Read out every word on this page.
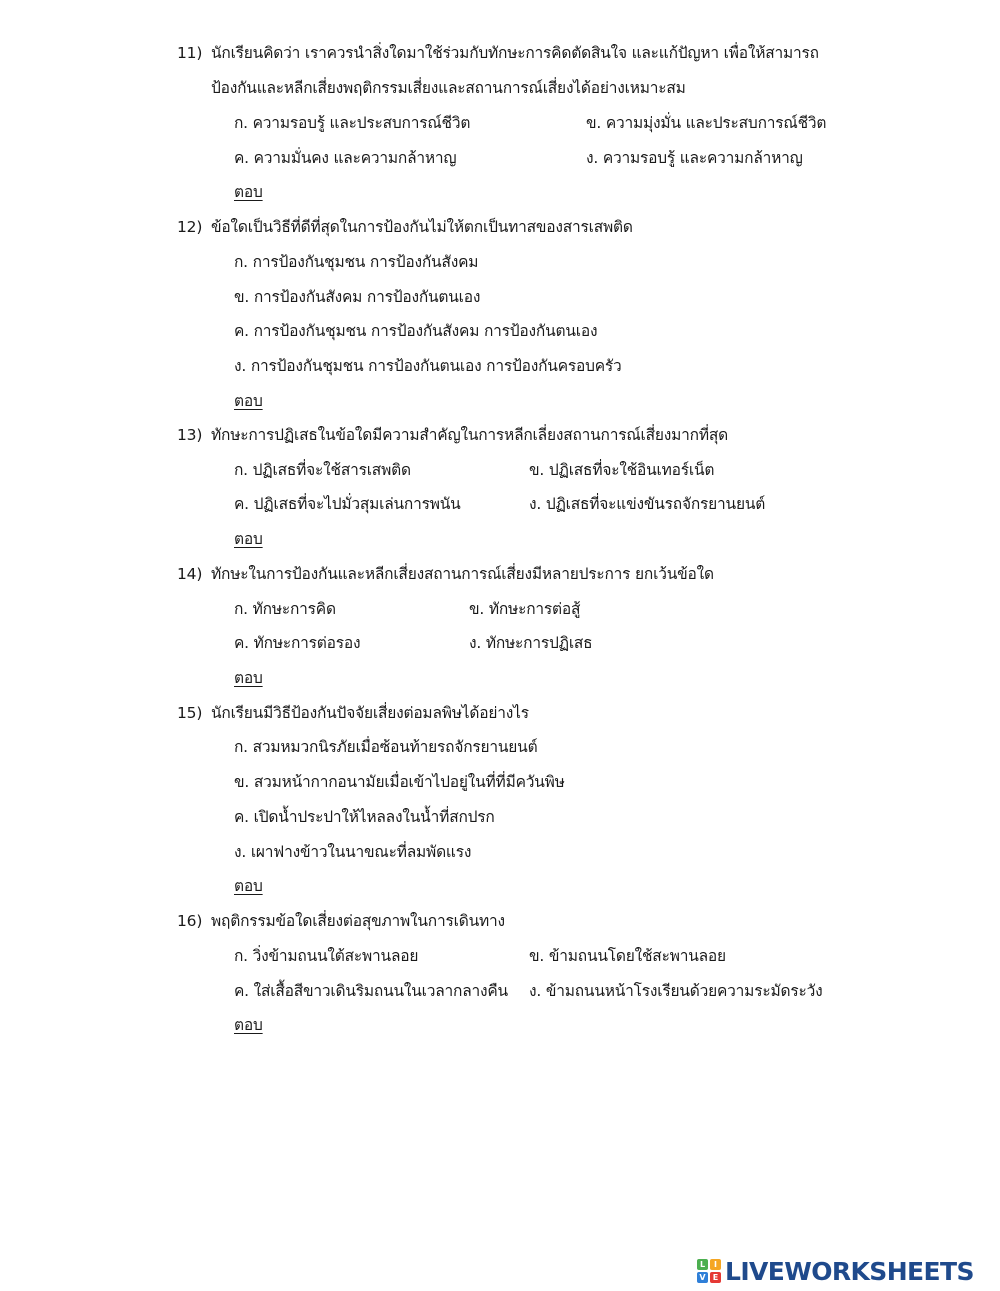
11) นักเรียนคิดว่า เราควรนำสิ่งใดมาใช้ร่วมกับทักษะการคิดตัดสินใจ และแก้ปัญหา เพื่อให้สามารถ
ป้องกันและหลีกเสี่ยงพฤติกรรมเสี่ยงและสถานการณ์เสี่ยงได้อย่างเหมาะสม
ก. ความรอบรู้ และประสบการณ์ชีวิต	ข. ความมุ่งมั่น และประสบการณ์ชีวิต
ค. ความมั่นคง และความกล้าหาญ	ง. ความรอบรู้ และความกล้าหาญ
ตอบ
12) ข้อใดเป็นวิธีที่ดีที่สุดในการป้องกันไม่ให้ตกเป็นทาสของสารเสพติด
ก. การป้องกันชุมชน การป้องกันสังคม
ข. การป้องกันสังคม การป้องกันตนเอง
ค. การป้องกันชุมชน การป้องกันสังคม การป้องกันตนเอง
ง. การป้องกันชุมชน การป้องกันตนเอง การป้องกันครอบครัว
ตอบ
13) ทักษะการปฏิเสธในข้อใดมีความสำคัญในการหลีกเลี่ยงสถานการณ์เสี่ยงมากที่สุด
ก. ปฏิเสธที่จะใช้สารเสพติด	ข. ปฏิเสธที่จะใช้อินเทอร์เน็ต
ค. ปฏิเสธที่จะไปมั่วสุมเล่นการพนัน	ง. ปฏิเสธที่จะแข่งขันรถจักรยานยนต์
ตอบ
14) ทักษะในการป้องกันและหลีกเสี่ยงสถานการณ์เสี่ยงมีหลายประการ ยกเว้นข้อใด
ก. ทักษะการคิด	ข. ทักษะการต่อสู้
ค. ทักษะการต่อรอง	ง. ทักษะการปฏิเสธ
ตอบ
15) นักเรียนมีวิธีป้องกันปัจจัยเสี่ยงต่อมลพิษได้อย่างไร
ก. สวมหมวกนิรภัยเมื่อซ้อนท้ายรถจักรยานยนต์
ข. สวมหน้ากากอนามัยเมื่อเข้าไปอยู่ในที่ที่มีควันพิษ
ค. เปิดน้ำประปาให้ไหลลงในน้ำที่สกปรก
ง. เผาฟางข้าวในนาขณะที่ลมพัดแรง
ตอบ
16) พฤติกรรมข้อใดเสี่ยงต่อสุขภาพในการเดินทาง
ก. วิ่งข้ามถนนใต้สะพานลอย	ข. ข้ามถนนโดยใช้สะพานลอย
ค. ใส่เสื้อสีขาวเดินริมถนนในเวลากลางคืน ง. ข้ามถนนหน้าโรงเรียนด้วยความระมัดระวัง
ตอบ
L	I
V E LIVEWORKSHEETS
